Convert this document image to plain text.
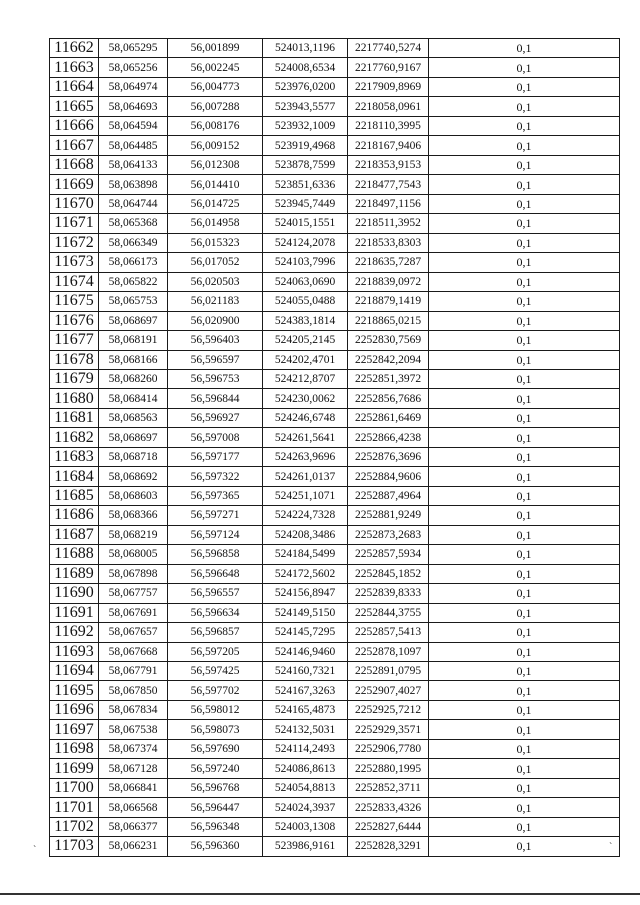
11662	58,065295	56,001899	524013,1196	2217740,5274	0,1
11663	58,065256	56,002245	524008,6534	2217760,9167	0,1
11664	58,064974	56,004773	523976,0200	2217909,8969	0,1
11665	58,064693	56,007288	523943,5577	2218058,0961	0,1
11666	58,064594	56,008176	523932,1009	2218110,3995	0,1
11667	58,064485	56,009152	523919,4968	2218167,9406	0,1
11668	58,064133	56,012308	523878,7599	2218353,9153	0,1
11669	58,063898	56,014410	523851,6336	2218477,7543	0,1
11670	58,064744	56,014725	523945,7449	2218497,1156	0,1
11671	58,065368	56,014958	524015,1551	2218511,3952	0,1
11672	58,066349	56,015323	524124,2078	2218533,8303	0,1
11673	58,066173	56,017052	524103,7996	2218635,7287	0,1
11674	58,065822	56,020503	524063,0690	2218839,0972	0,1
11675	58,065753	56,021183	524055,0488	2218879,1419	0,1
11676	58,068697	56,020900	524383,1814	2218865,0215	0,1
11677	58,068191	56,596403	524205,2145	2252830,7569	0,1
11678	58,068166	56,596597	524202,4701	2252842,2094	0,1
11679	58,068260	56,596753	524212,8707	2252851,3972	0,1
11680	58,068414	56,596844	524230,0062	2252856,7686	0,1
11681	58,068563	56,596927	524246,6748	2252861,6469	0,1
11682	58,068697	56,597008	524261,5641	2252866,4238	0,1
11683	58,068718	56,597177	524263,9696	2252876,3696	0,1
11684	58,068692	56,597322	524261,0137	2252884,9606	0,1
11685	58,068603	56,597365	524251,1071	2252887,4964	0,1
11686	58,068366	56,597271	524224,7328	2252881,9249	0,1
11687	58,068219	56,597124	524208,3486	2252873,2683	0,1
11688	58,068005	56,596858	524184,5499	2252857,5934	0,1
11689	58,067898	56,596648	524172,5602	2252845,1852	0,1
11690	58,067757	56,596557	524156,8947	2252839,8333	0,1
11691	58,067691	56,596634	524149,5150	2252844,3755	0,1
11692	58,067657	56,596857	524145,7295	2252857,5413	0,1
11693	58,067668	56,597205	524146,9460	2252878,1097	0,1
11694	58,067791	56,597425	524160,7321	2252891,0795	0,1
11695	58,067850	56,597702	524167,3263	2252907,4027	0,1
11696	58,067834	56,598012	524165,4873	2252925,7212	0,1
11697	58,067538	56,598073	524132,5031	2252929,3571	0,1
11698	58,067374	56,597690	524114,2493	2252906,7780	0,1
11699	58,067128	56,597240	524086,8613	2252880,1995	0,1
11700	58,066841	56,596768	524054,8813	2252852,3711	0,1
11701	58,066568	56,596447	524024,3937	2252833,4326	0,1
11702	58,066377	56,596348	524003,1308	2252827,6444	0,1
11703	58,066231	56,596360	523986,9161	2252828,3291	0,1
`	`
